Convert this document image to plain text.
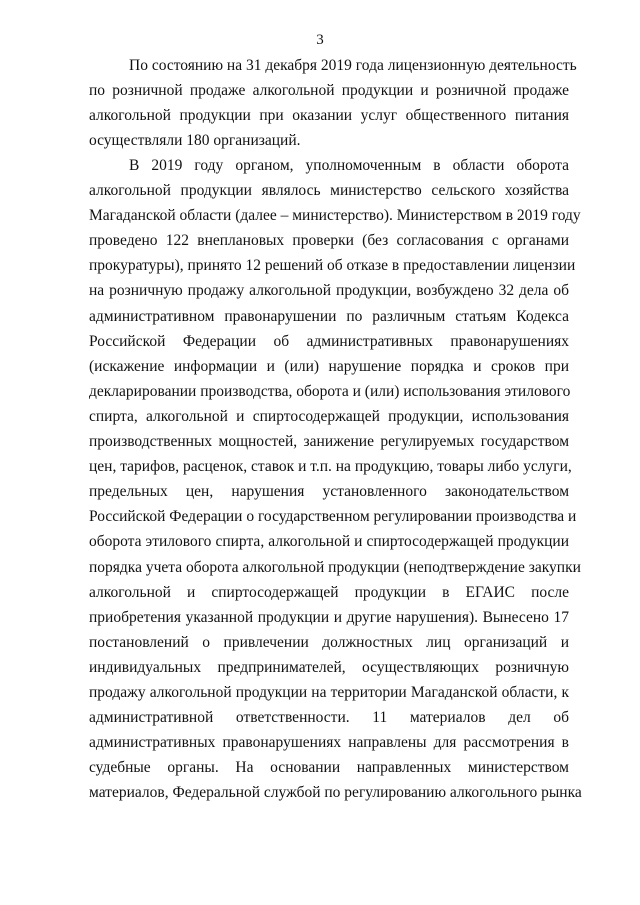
3
По состоянию на 31 декабря 2019 года лицензионную деятельность
по розничной продаже алкогольной продукции и розничной продаже
алкогольной продукции при оказании услуг общественного питания
осуществляли 180 организаций.
В 2019 году органом, уполномоченным в области оборота
алкогольной продукции являлось министерство сельского хозяйства
Магаданской области (далее – министерство). Министерством в 2019 году
проведено 122 внеплановых проверки (без согласования с органами
прокуратуры), принято 12 решений об отказе в предоставлении лицензии
на розничную продажу алкогольной продукции, возбуждено 32 дела об
административном правонарушении по различным статьям Кодекса
Российской Федерации об административных правонарушениях
(искажение информации и (или) нарушение порядка и сроков при
декларировании производства, оборота и (или) использования этилового
спирта, алкогольной и спиртосодержащей продукции, использования
производственных мощностей, занижение регулируемых государством
цен, тарифов, расценок, ставок и т.п. на продукцию, товары либо услуги,
предельных цен, нарушения установленного законодательством
Российской Федерации о государственном регулировании производства и
оборота этилового спирта, алкогольной и спиртосодержащей продукции
порядка учета оборота алкогольной продукции (неподтверждение закупки
алкогольной и спиртосодержащей продукции в ЕГАИС после
приобретения указанной продукции и другие нарушения). Вынесено 17
постановлений о привлечении должностных лиц организаций и
индивидуальных предпринимателей, осуществляющих розничную
продажу алкогольной продукции на территории Магаданской области, к
административной ответственности. 11 материалов дел об
административных правонарушениях направлены для рассмотрения в
судебные органы. На основании направленных министерством
материалов, Федеральной службой по регулированию алкогольного рынка
